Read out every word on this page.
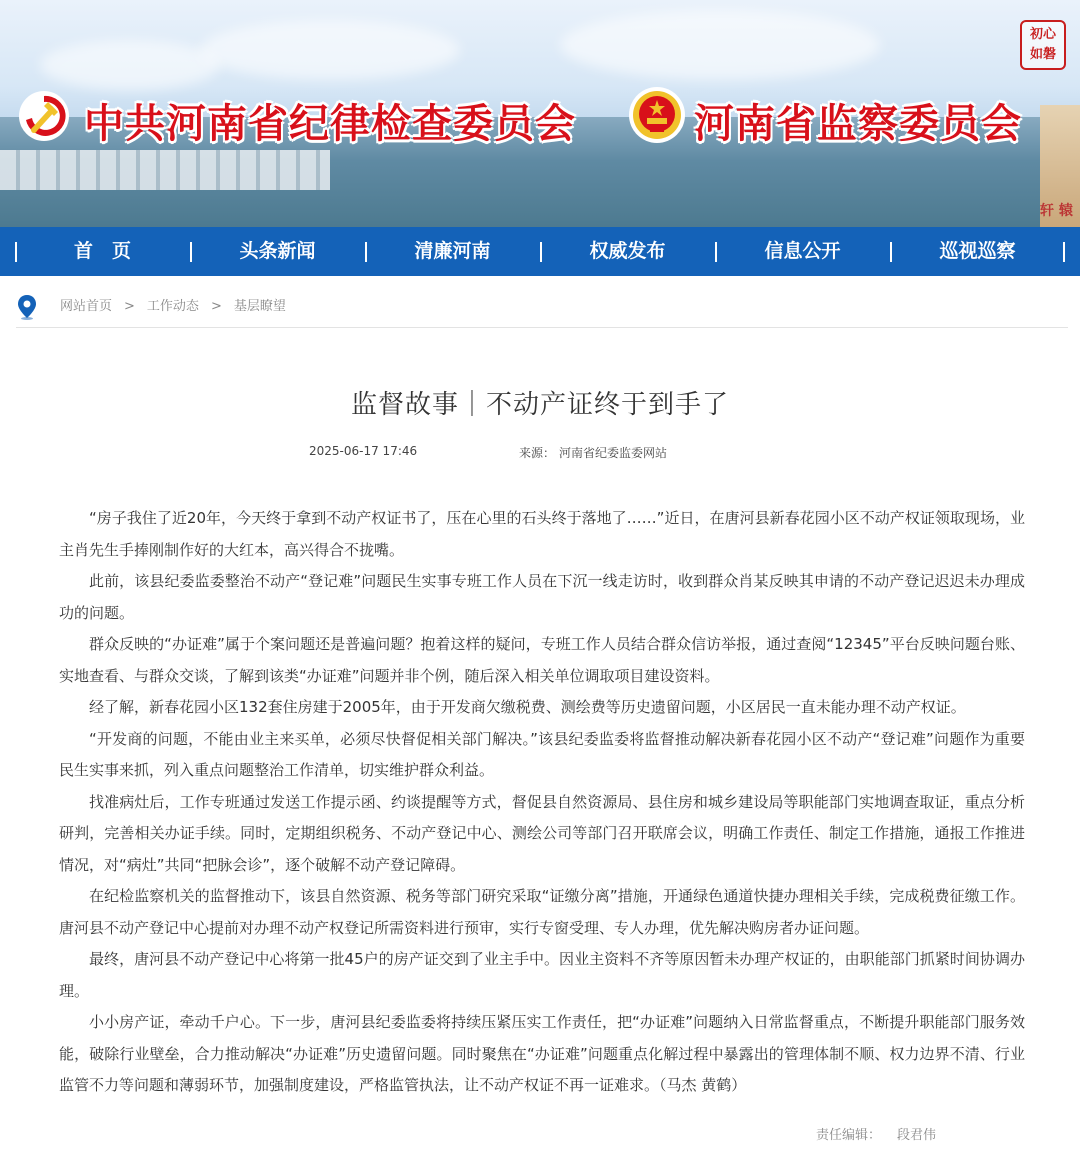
轩 辕
中共河南省纪律检查委员会	河南省监察委员会
初心 如磐
首　页	头条新闻	清廉河南	权威发布	信息公开	巡视巡察
网站首页 > 工作动态 > 基层瞭望
监督故事｜不动产证终于到手了
2025-06-17 17:46	来源： 河南省纪委监委网站

“房子我住了近20年，今天终于拿到不动产权证书了，压在心里的石头终于落地了……”近日，在唐河县新春花园小区不动产权证领取现场，业主肖先生手捧刚制作好的大红本，高兴得合不拢嘴。

此前，该县纪委监委整治不动产“登记难”问题民生实事专班工作人员在下沉一线走访时，收到群众肖某反映其申请的不动产登记迟迟未办理成功的问题。

群众反映的“办证难”属于个案问题还是普遍问题？抱着这样的疑问，专班工作人员结合群众信访举报，通过查阅“12345”平台反映问题台账、实地查看、与群众交谈，了解到该类“办证难”问题并非个例，随后深入相关单位调取项目建设资料。

经了解，新春花园小区132套住房建于2005年，由于开发商欠缴税费、测绘费等历史遗留问题，小区居民一直未能办理不动产权证。

“开发商的问题，不能由业主来买单，必须尽快督促相关部门解决。”该县纪委监委将监督推动解决新春花园小区不动产“登记难”问题作为重要民生实事来抓，列入重点问题整治工作清单，切实维护群众利益。

找准病灶后，工作专班通过发送工作提示函、约谈提醒等方式，督促县自然资源局、县住房和城乡建设局等职能部门实地调查取证，重点分析研判，完善相关办证手续。同时，定期组织税务、不动产登记中心、测绘公司等部门召开联席会议，明确工作责任、制定工作措施，通报工作推进情况，对“病灶”共同“把脉会诊”，逐个破解不动产登记障碍。

在纪检监察机关的监督推动下，该县自然资源、税务等部门研究采取“证缴分离”措施，开通绿色通道快捷办理相关手续，完成税费征缴工作。唐河县不动产登记中心提前对办理不动产权登记所需资料进行预审，实行专窗受理、专人办理，优先解决购房者办证问题。

最终，唐河县不动产登记中心将第一批45户的房产证交到了业主手中。因业主资料不齐等原因暂未办理产权证的，由职能部门抓紧时间协调办理。

小小房产证，牵动千户心。下一步，唐河县纪委监委将持续压紧压实工作责任，把“办证难”问题纳入日常监督重点，不断提升职能部门服务效能，破除行业壁垒，合力推动解决“办证难”历史遗留问题。同时聚焦在“办证难”问题重点化解过程中暴露出的管理体制不顺、权力边界不清、行业监管不力等问题和薄弱环节，加强制度建设，严格监管执法，让不动产权证不再一证难求。（马杰 黄鹤）

责任编辑： 段君伟
